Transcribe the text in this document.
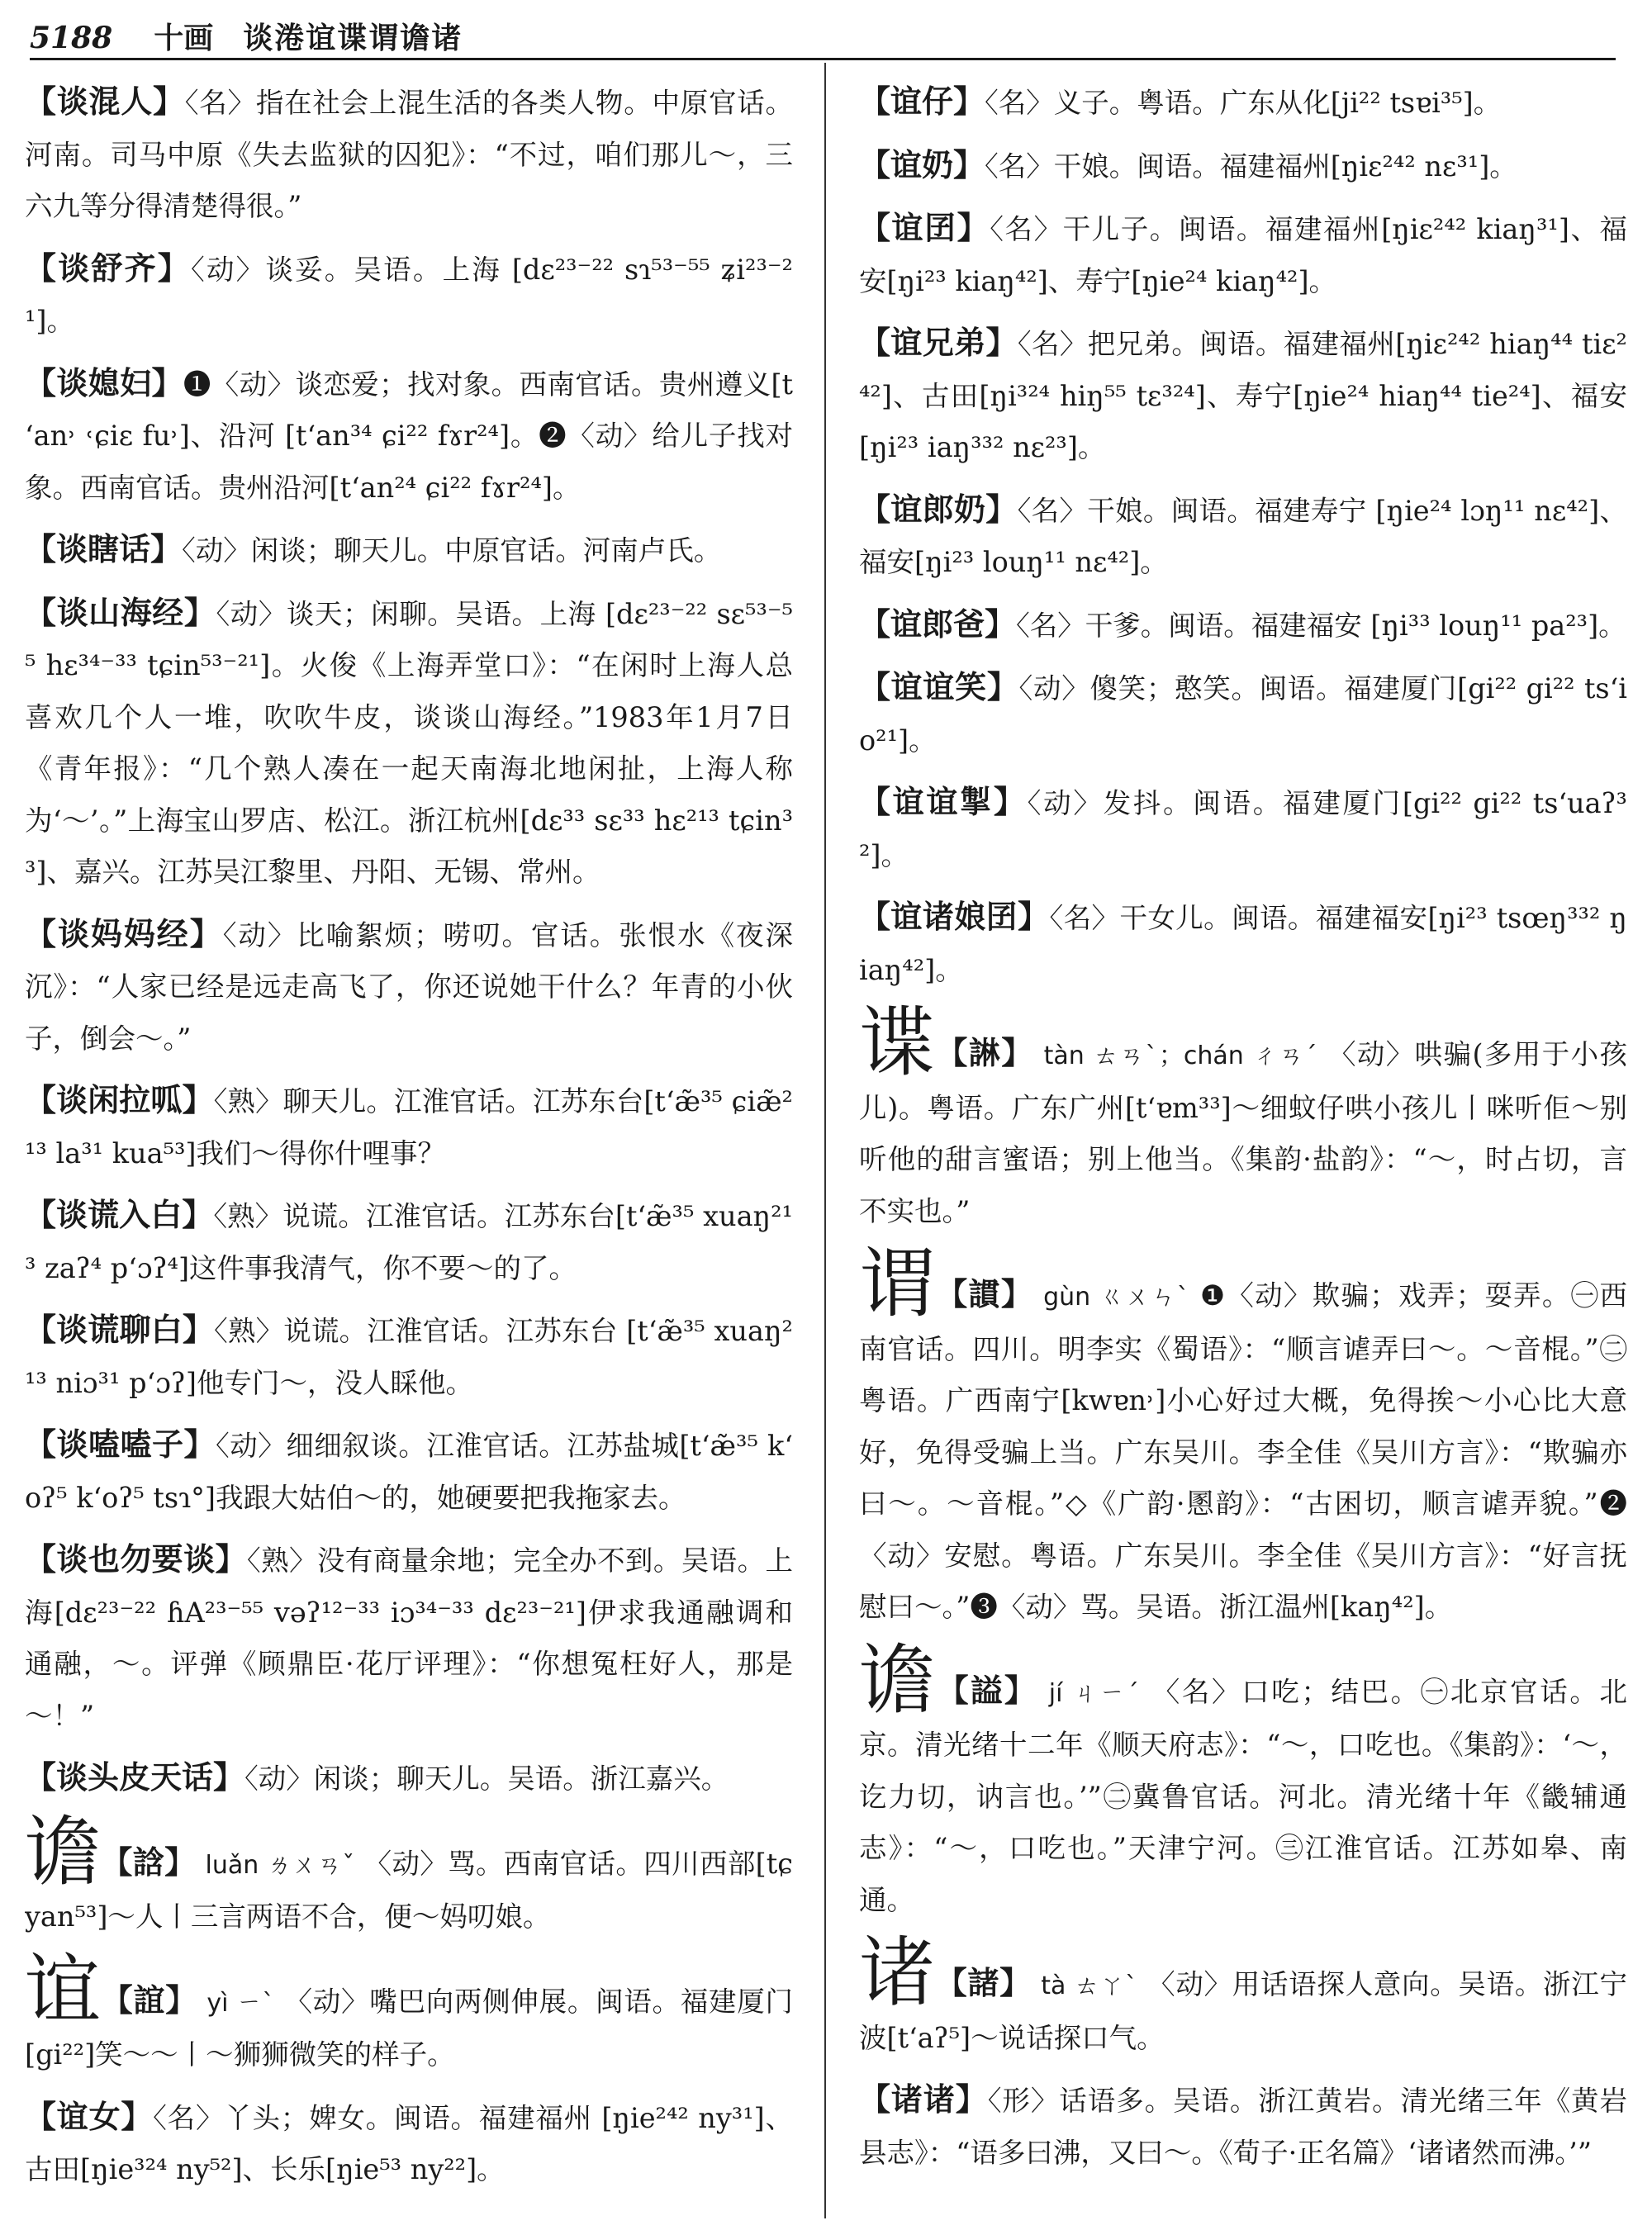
5188 十画 谈淃谊谍谓谵诸

【谈混人】〈名〉指在社会上混生活的各类人物。中原官话。河南。司马中原《失去监狱的囚犯》：“不过，咱们那儿～，三六九等分得清楚得很。”

【谈舒齐】〈动〉谈妥。吴语。上海 [dɛ²³⁻²² sɿ⁵³⁻⁵⁵ ʑi²³⁻²¹]。

【谈媳妇】❶〈动〉谈恋爱；找对象。西南官话。贵州遵义[tʻan˒ ˓ɕiɛ fu˒]、沿河 [tʻan³⁴ ɕi²² fɤr²⁴]。❷〈动〉给儿子找对象。西南官话。贵州沿河[tʻan²⁴ ɕi²² fɤr²⁴]。

【谈瞎话】〈动〉闲谈；聊天儿。中原官话。河南卢氏。

【谈山海经】〈动〉谈天；闲聊。吴语。上海 [dɛ²³⁻²² sɛ⁵³⁻⁵⁵ hɛ³⁴⁻³³ tɕin⁵³⁻²¹]。火俊《上海弄堂口》：“在闲时上海人总喜欢几个人一堆，吹吹牛皮，谈谈山海经。”1983年1月7日《青年报》：“几个熟人凑在一起天南海北地闲扯，上海人称为‘～’。”上海宝山罗店、松江。浙江杭州[dɛ³³ sɛ³³ hɛ²¹³ tɕin³³]、嘉兴。江苏吴江黎里、丹阳、无锡、常州。

【谈妈妈经】〈动〉比喻絮烦；唠叨。官话。张恨水《夜深沉》：“人家已经是远走高飞了，你还说她干什么？年青的小伙子，倒会～。”

【谈闲拉呱】〈熟〉聊天儿。江淮官话。江苏东台[tʻæ̃³⁵ ɕiæ̃²¹³ la³¹ kua⁵³]我们～得你什哩事？

【谈谎入白】〈熟〉说谎。江淮官话。江苏东台[tʻæ̃³⁵ xuaŋ²¹³ zaʔ⁴ pʻɔʔ⁴]这件事我清气，你不要～的了。

【谈谎聊白】〈熟〉说谎。江淮官话。江苏东台 [tʻæ̃³⁵ xuaŋ²¹³ niɔ³¹ pʻɔʔ]他专门～，没人睬他。

【谈嗑嗑子】〈动〉细细叙谈。江淮官话。江苏盐城[tʻæ̃³⁵ kʻoʔ⁵ kʻoʔ⁵ tsɿ°]我跟大姑伯～的，她硬要把我拖家去。

【谈也勿要谈】〈熟〉没有商量余地；完全办不到。吴语。上海[dɛ²³⁻²² ɦA²³⁻⁵⁵ vəʔ¹²⁻³³ iɔ³⁴⁻³³ dɛ²³⁻²¹]伊求我通融调和通融，～。评弹《顾鼎臣·花厅评理》：“你想冤枉好人，那是～！”

【谈头皮天话】〈动〉闲谈；聊天儿。吴语。浙江嘉兴。

谵【誝】 luǎn ㄌㄨㄢˇ 〈动〉骂。西南官话。四川西部[tɕyan⁵³]～人丨三言两语不合，便～妈叨娘。

谊【誼】 yì ㄧˋ 〈动〉嘴巴向两侧伸展。闽语。福建厦门[gi²²]笑～～丨～狮狮微笑的样子。

【谊女】〈名〉丫头；婢女。闽语。福建福州 [ŋie²⁴² ny³¹]、古田[ŋie³²⁴ ny⁵²]、长乐[ŋie⁵³ ny²²]。

【谊仔】〈名〉义子。粤语。广东从化[ji²² tsɐi³⁵]。

【谊奶】〈名〉干娘。闽语。福建福州[ŋiɛ²⁴² nɛ³¹]。

【谊囝】〈名〉干儿子。闽语。福建福州[ŋiɛ²⁴² kiaŋ³¹]、福安[ŋi²³ kiaŋ⁴²]、寿宁[ŋie²⁴ kiaŋ⁴²]。

【谊兄弟】〈名〉把兄弟。闽语。福建福州[ŋiɛ²⁴² hiaŋ⁴⁴ tiɛ²⁴²]、古田[ŋi³²⁴ hiŋ⁵⁵ tɛ³²⁴]、寿宁[ŋie²⁴ hiaŋ⁴⁴ tie²⁴]、福安[ŋi²³ iaŋ³³² nɛ²³]。

【谊郎奶】〈名〉干娘。闽语。福建寿宁 [ŋie²⁴ lɔŋ¹¹ nɛ⁴²]、福安[ŋi²³ louŋ¹¹ nɛ⁴²]。

【谊郎爸】〈名〉干爹。闽语。福建福安 [ŋi³³ louŋ¹¹ pa²³]。

【谊谊笑】〈动〉傻笑；憨笑。闽语。福建厦门[gi²² gi²² tsʻio²¹]。

【谊谊掣】〈动〉发抖。闽语。福建厦门[gi²² gi²² tsʻuaʔ³²]。

【谊诸娘囝】〈名〉干女儿。闽语。福建福安[ŋi²³ tsœŋ³³² ŋiaŋ⁴²]。

谍【諃】 tàn ㄊㄢˋ；chán ㄔㄢˊ 〈动〉哄骗(多用于小孩儿)。粤语。广东广州[tʻɐm³³]～细蚊仔哄小孩儿丨咪听佢～别听他的甜言蜜语；别上他当。《集韵·盐韵》：“～，时占切，言不实也。”

谓【謴】 gùn ㄍㄨㄣˋ ❶〈动〉欺骗；戏弄；耍弄。㊀西南官话。四川。明李实《蜀语》：“顺言谑弄曰～。～音棍。”㊁粤语。广西南宁[kwɐn˒]小心好过大概，免得挨～小心比大意好，免得受骗上当。广东吴川。李全佳《吴川方言》：“欺骗亦曰～。～音棍。”◇《广韵·慁韵》：“古困切，顺言谑弄貌。”❷〈动〉安慰。粤语。广东吴川。李全佳《吴川方言》：“好言抚慰曰～。”❸〈动〉骂。吴语。浙江温州[kaŋ⁴²]。

谵【謚】 jí ㄐㄧˊ 〈名〉口吃；结巴。㊀北京官话。北京。清光绪十二年《顺天府志》：“～，口吃也。《集韵》：‘～，讫力切，讷言也。’”㊁冀鲁官话。河北。清光绪十年《畿辅通志》：“～，口吃也。”天津宁河。㊂江淮官话。江苏如皋、南通。

诸【諸】 tà ㄊㄚˋ 〈动〉用话语探人意向。吴语。浙江宁波[tʻaʔ⁵]～说话探口气。

【诸诸】〈形〉话语多。吴语。浙江黄岩。清光绪三年《黄岩县志》：“语多曰沸，又曰～。《荀子·正名篇》‘诸诸然而沸。’”
